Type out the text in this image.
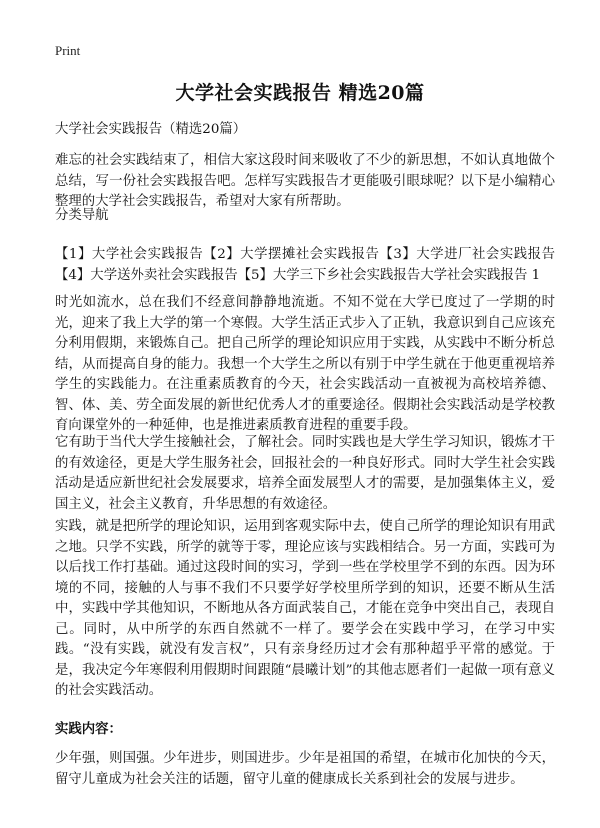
Print
大学社会实践报告 精选20篇

大学社会实践报告（精选20篇）

难忘的社会实践结束了，相信大家这段时间来吸收了不少的新思想，不如认真地做个总结，写一份社会实践报告吧。怎样写实践报告才更能吸引眼球呢？以下是小编精心整理的大学社会实践报告，希望对大家有所帮助。

分类导航

【1】大学社会实践报告【2】大学摆摊社会实践报告【3】大学进厂社会实践报告【4】大学送外卖社会实践报告【5】大学三下乡社会实践报告大学社会实践报告 1

时光如流水，总在我们不经意间静静地流逝。不知不觉在大学已度过了一学期的时光，迎来了我上大学的第一个寒假。大学生活正式步入了正轨，我意识到自己应该充分利用假期，来锻炼自己。把自己所学的理论知识应用于实践，从实践中不断分析总结，从而提高自身的能力。我想一个大学生之所以有别于中学生就在于他更重视培养学生的实践能力。在注重素质教育的今天，社会实践活动一直被视为高校培养德、智、体、美、劳全面发展的新世纪优秀人才的重要途径。假期社会实践活动是学校教育向课堂外的一种延伸，也是推进素质教育进程的重要手段。

它有助于当代大学生接触社会，了解社会。同时实践也是大学生学习知识，锻炼才干的有效途径，更是大学生服务社会，回报社会的一种良好形式。同时大学生社会实践活动是适应新世纪社会发展要求，培养全面发展型人才的需要，是加强集体主义，爱国主义，社会主义教育，升华思想的有效途径。

实践，就是把所学的理论知识，运用到客观实际中去，使自己所学的理论知识有用武之地。只学不实践，所学的就等于零，理论应该与实践相结合。另一方面，实践可为以后找工作打基础。通过这段时间的实习，学到一些在学校里学不到的东西。因为环境的不同，接触的人与事不我们不只要学好学校里所学到的知识，还要不断从生活中，实践中学其他知识，不断地从各方面武装自己，才能在竞争中突出自己，表现自己。同时，从中所学的东西自然就不一样了。要学会在实践中学习，在学习中实践。“没有实践，就没有发言权”，只有亲身经历过才会有那种超乎平常的感觉。于是，我决定今年寒假利用假期时间跟随“晨曦计划”的其他志愿者们一起做一项有意义的社会实践活动。

实践内容：

少年强，则国强。少年进步，则国进步。少年是祖国的希望，在城市化加快的今天，留守儿童成为社会关注的话题，留守儿童的健康成长关系到社会的发展与进步。
